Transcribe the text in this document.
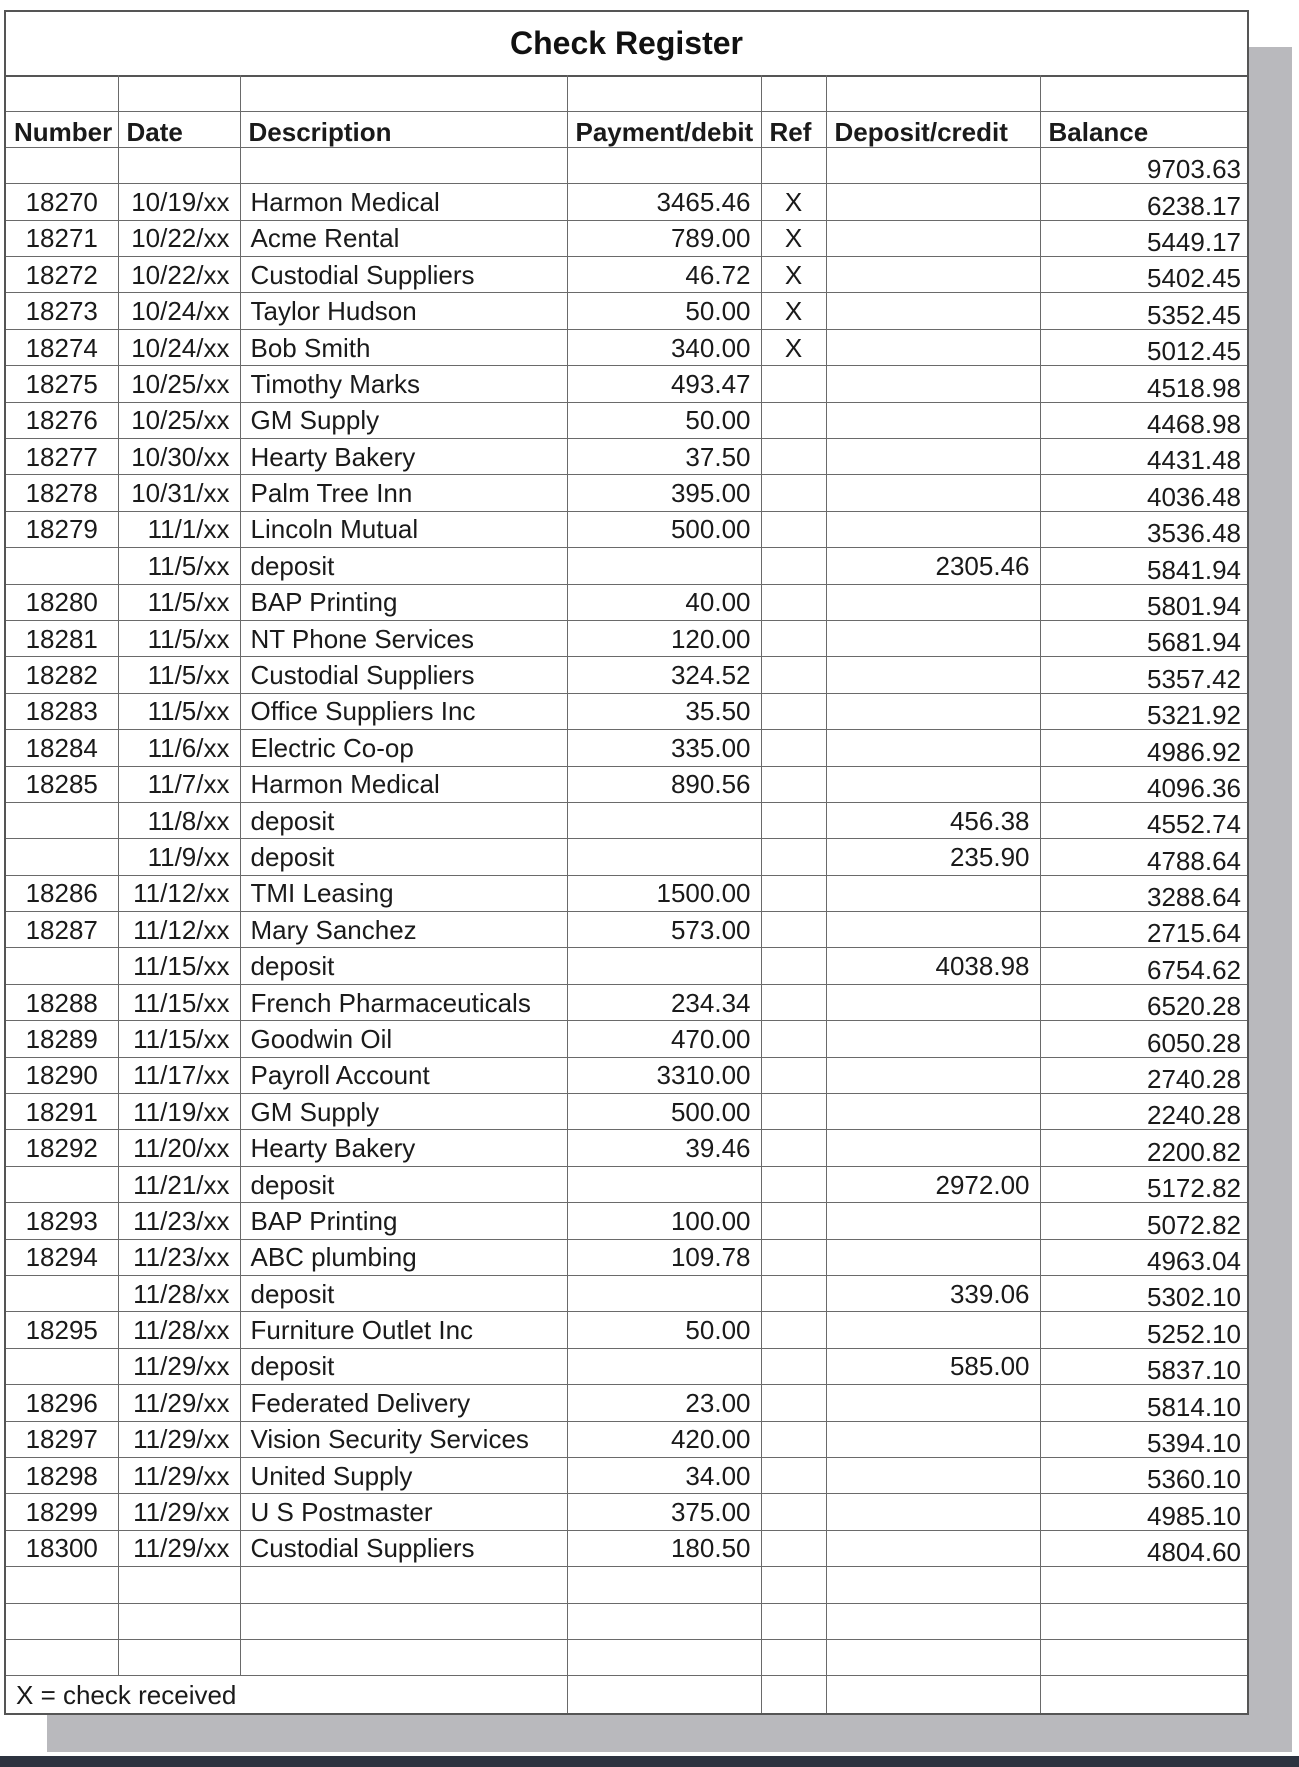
Check Register

Number	Date	Description	Payment/debit	Ref	Deposit/credit	Balance
						9703.63
18270	10/19/xx	Harmon Medical	3465.46	X		6238.17
18271	10/22/xx	Acme Rental	789.00	X		5449.17
18272	10/22/xx	Custodial Suppliers	46.72	X		5402.45
18273	10/24/xx	Taylor Hudson	50.00	X		5352.45
18274	10/24/xx	Bob Smith	340.00	X		5012.45
18275	10/25/xx	Timothy Marks	493.47			4518.98
18276	10/25/xx	GM Supply	50.00			4468.98
18277	10/30/xx	Hearty Bakery	37.50			4431.48
18278	10/31/xx	Palm Tree Inn	395.00			4036.48
18279	11/1/xx	Lincoln Mutual	500.00			3536.48
	11/5/xx	deposit			2305.46	5841.94
18280	11/5/xx	BAP Printing	40.00			5801.94
18281	11/5/xx	NT Phone Services	120.00			5681.94
18282	11/5/xx	Custodial Suppliers	324.52			5357.42
18283	11/5/xx	Office Suppliers Inc	35.50			5321.92
18284	11/6/xx	Electric Co-op	335.00			4986.92
18285	11/7/xx	Harmon Medical	890.56			4096.36
	11/8/xx	deposit			456.38	4552.74
	11/9/xx	deposit			235.90	4788.64
18286	11/12/xx	TMI Leasing	1500.00			3288.64
18287	11/12/xx	Mary Sanchez	573.00			2715.64
	11/15/xx	deposit			4038.98	6754.62
18288	11/15/xx	French Pharmaceuticals	234.34			6520.28
18289	11/15/xx	Goodwin Oil	470.00			6050.28
18290	11/17/xx	Payroll Account	3310.00			2740.28
18291	11/19/xx	GM Supply	500.00			2240.28
18292	11/20/xx	Hearty Bakery	39.46			2200.82
	11/21/xx	deposit			2972.00	5172.82
18293	11/23/xx	BAP Printing	100.00			5072.82
18294	11/23/xx	ABC plumbing	109.78			4963.04
	11/28/xx	deposit			339.06	5302.10
18295	11/28/xx	Furniture Outlet Inc	50.00			5252.10
	11/29/xx	deposit			585.00	5837.10
18296	11/29/xx	Federated Delivery	23.00			5814.10
18297	11/29/xx	Vision Security Services	420.00			5394.10
18298	11/29/xx	United Supply	34.00			5360.10
18299	11/29/xx	U S Postmaster	375.00			4985.10
18300	11/29/xx	Custodial Suppliers	180.50			4804.60

X = check received						
